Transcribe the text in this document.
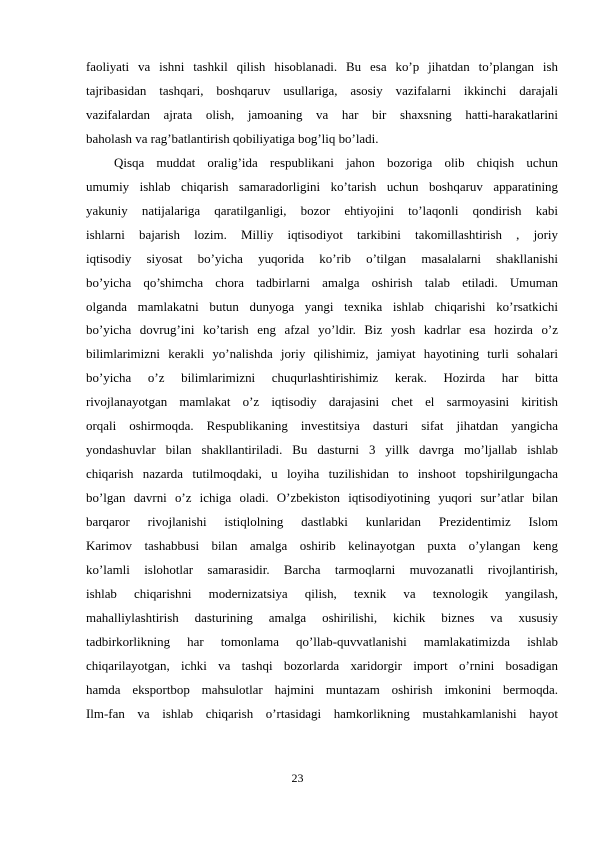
faoliyati va ishni tashkil qilish hisoblanadi. Bu esa ko’p jihatdan to’plangan ish
tajribasidan tashqari, boshqaruv usullariga, asosiy vazifalarni ikkinchi darajali
vazifalardan ajrata olish, jamoaning va har bir shaxsning hatti-harakatlarini
baholash va rag’batlantirish qobiliyatiga bog’liq bo’ladi.
Qisqa muddat oralig’ida respublikani jahon bozoriga olib chiqish uchun
umumiy ishlab chiqarish samaradorligini ko’tarish uchun boshqaruv apparatining
yakuniy natijalariga qaratilganligi, bozor ehtiyojini to’laqonli qondirish kabi
ishlarni bajarish lozim. Milliy iqtisodiyot tarkibini takomillashtirish , joriy
iqtisodiy siyosat bo’yicha yuqorida ko’rib o’tilgan masalalarni shakllanishi
bo’yicha qo’shimcha chora tadbirlarni amalga oshirish talab etiladi. Umuman
olganda mamlakatni butun dunyoga yangi texnika ishlab chiqarishi ko’rsatkichi
bo’yicha dovrug’ini ko’tarish eng afzal yo’ldir. Biz yosh kadrlar esa hozirda o’z
bilimlarimizni kerakli yo’nalishda joriy qilishimiz, jamiyat hayotining turli sohalari
bo’yicha o’z bilimlarimizni chuqurlashtirishimiz kerak. Hozirda har bitta
rivojlanayotgan mamlakat o’z iqtisodiy darajasini chet el sarmoyasini kiritish
orqali oshirmoqda. Respublikaning investitsiya dasturi sifat jihatdan yangicha
yondashuvlar bilan shakllantiriladi. Bu dasturni 3 yillk davrga mo’ljallab ishlab
chiqarish nazarda tutilmoqdaki, u loyiha tuzilishidan to inshoot topshirilgungacha
bo’lgan davrni o’z ichiga oladi. O’zbekiston iqtisodiyotining yuqori sur’atlar bilan
barqaror rivojlanishi istiqlolning dastlabki kunlaridan Prezidentimiz Islom
Karimov tashabbusi bilan amalga oshirib kelinayotgan puxta o’ylangan keng
ko’lamli islohotlar samarasidir. Barcha tarmoqlarni muvozanatli rivojlantirish,
ishlab chiqarishni modernizatsiya qilish, texnik va texnologik yangilash,
mahalliylashtirish dasturining amalga oshirilishi, kichik biznes va xususiy
tadbirkorlikning har tomonlama qo’llab-quvvatlanishi mamlakatimizda ishlab
chiqarilayotgan, ichki va tashqi bozorlarda xaridorgir import o’rnini bosadigan
hamda eksportbop mahsulotlar hajmini muntazam oshirish imkonini bermoqda.
Ilm-fan va ishlab chiqarish o’rtasidagi hamkorlikning mustahkamlanishi hayot
23
